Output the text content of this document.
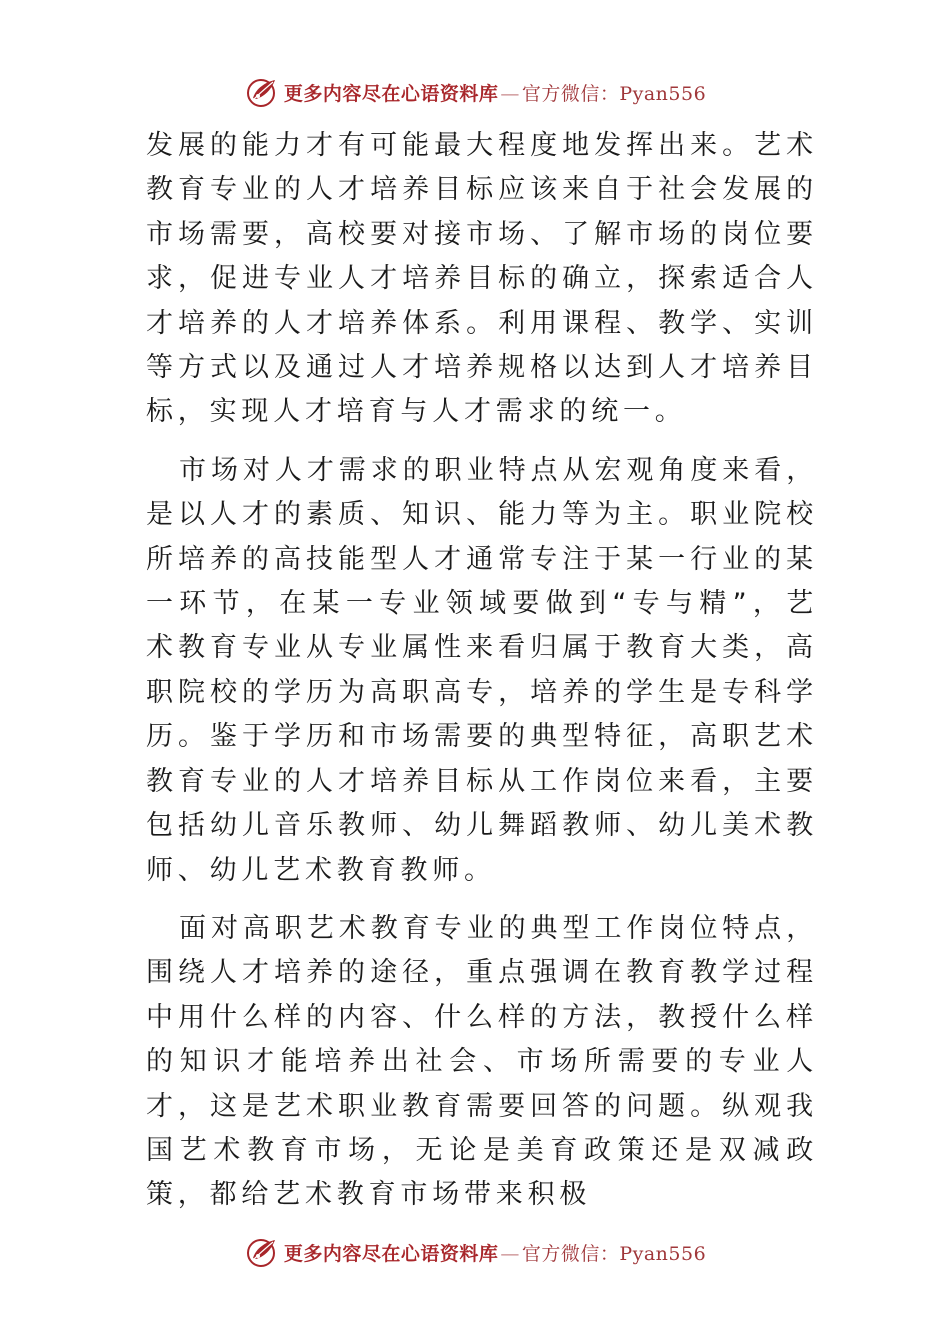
更多内容尽在心语资料库 — 官方微信：Pyan556

发展的能力才有可能最大程度地发挥出来。艺术教育专业的人才培养目标应该来自于社会发展的市场需要，高校要对接市场、了解市场的岗位要求，促进专业人才培养目标的确立，探索适合人才培养的人才培养体系。利用课程、教学、实训等方式以及通过人才培养规格以达到人才培养目标，实现人才培育与人才需求的统一。

市场对人才需求的职业特点从宏观角度来看，是以人才的素质、知识、能力等为主。职业院校所培养的高技能型人才通常专注于某一行业的某一环节，在某一专业领域要做到“专与精”，艺术教育专业从专业属性来看归属于教育大类，高职院校的学历为高职高专，培养的学生是专科学历。鉴于学历和市场需要的典型特征，高职艺术教育专业的人才培养目标从工作岗位来看，主要包括幼儿音乐教师、幼儿舞蹈教师、幼儿美术教师、幼儿艺术教育教师。

面对高职艺术教育专业的典型工作岗位特点，围绕人才培养的途径，重点强调在教育教学过程中用什么样的内容、什么样的方法，教授什么样的知识才能培养出社会、市场所需要的专业人才，这是艺术职业教育需要回答的问题。纵观我国艺术教育市场，无论是美育政策还是双减政策，都给艺术教育市场带来积极

更多内容尽在心语资料库 — 官方微信：Pyan556
